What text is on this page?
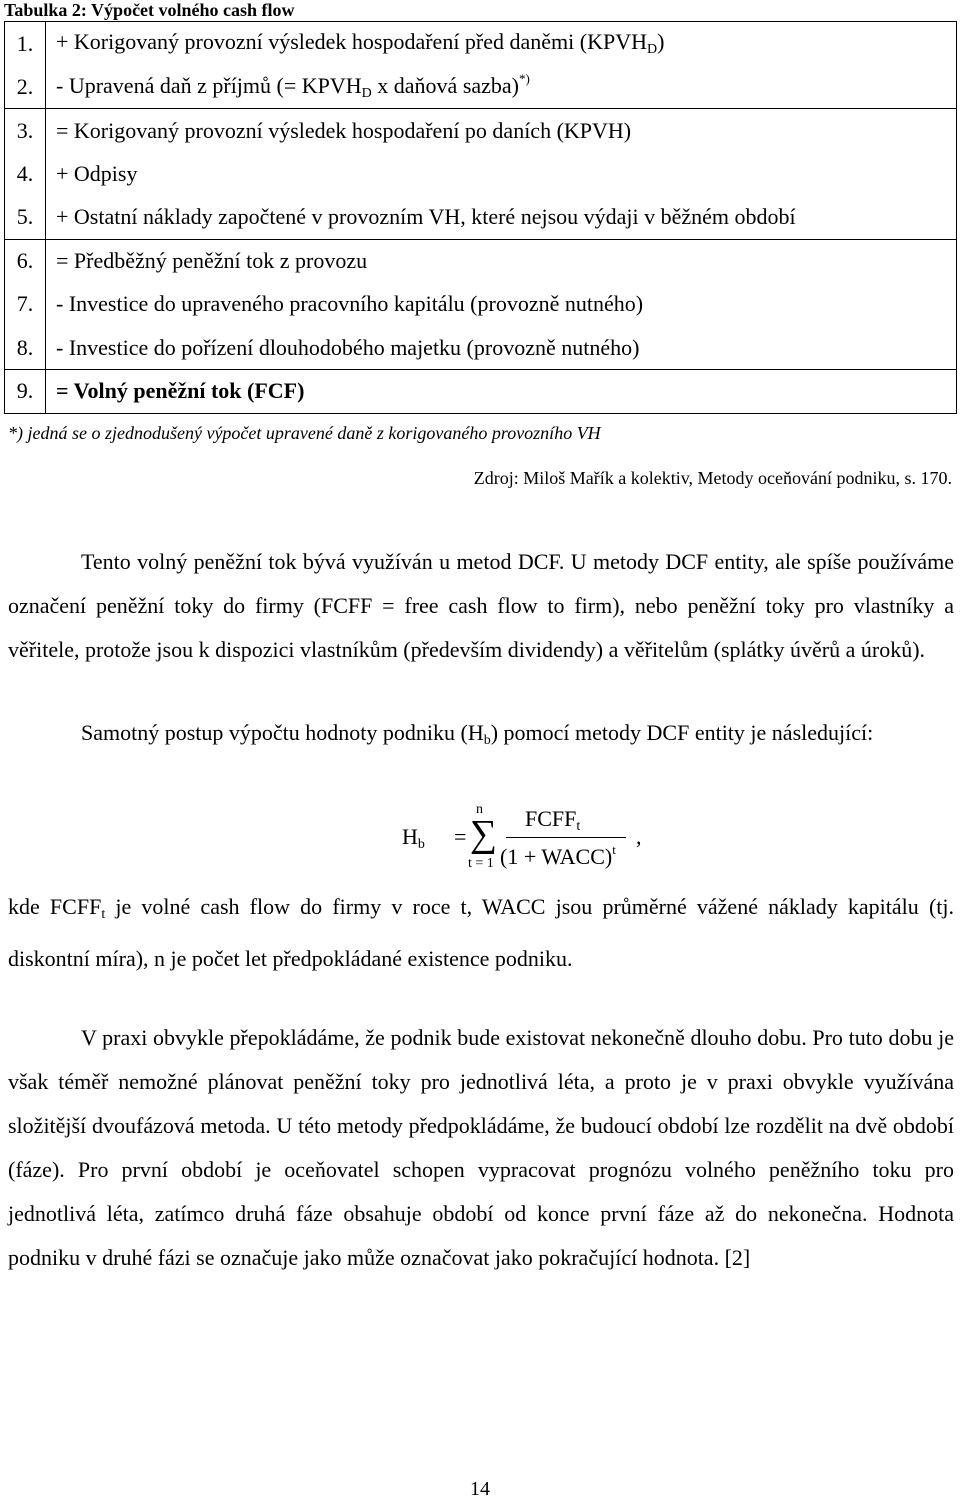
Tabulka 2: Výpočet volného cash flow
1.	+ Korigovaný provozní výsledek hospodaření před daněmi $(KPVH_D)$
2.	- Upravená daň z příjmů (= $KPVH_D$ x daňová sazba)*)
3.	= Korigovaný provozní výsledek hospodaření po daních (KPVH)
4.	+ Odpisy
5.	+ Ostatní náklady započtené v provozním VH, které nejsou výdaji v běžném období
6.	= Předběžný peněžní tok z provozu
7.	- Investice do upraveného pracovního kapitálu (provozně nutného)
8.	- Investice do pořízení dlouhodobého majetku (provozně nutného)
9.	= Volný peněžní tok (FCF)
*) jedná se o zjednodušený výpočet upravené daně z korigovaného provozního VH
Zdroj: Miloš Mařík a kolektiv, Metody oceňování podniku, s. 170.

Tento volný peněžní tok bývá využíván u metod DCF. U metody DCF entity, ale spíše používáme označení peněžní toky do firmy (FCFF = free cash flow to firm), nebo peněžní toky pro vlastníky a věřitele, protože jsou k dispozici vlastníkům (především dividendy) a věřitelům (splátky úvěrů a úroků).

Samotný postup výpočtu hodnoty podniku $(H_b)$ pomocí metody DCF entity je následující:

$H_b$ =
n
∑
t = 1
$FCFF_t$
(1 + WACC)$^t$
,

kde $FCFF_t$ je volné cash flow do firmy v roce t, WACC jsou průměrné vážené náklady kapitálu (tj. diskontní míra), n je počet let předpokládané existence podniku.

V praxi obvykle přepokládáme, že podnik bude existovat nekonečně dlouho dobu. Pro tuto dobu je však téměř nemožné plánovat peněžní toky pro jednotlivá léta, a proto je v praxi obvykle využívána složitější dvoufázová metoda. U této metody předpokládáme, že budoucí období lze rozdělit na dvě období (fáze). Pro první období je oceňovatel schopen vypracovat prognózu volného peněžního toku pro jednotlivá léta, zatímco druhá fáze obsahuje období od konce první fáze až do nekonečna. Hodnota podniku v druhé fázi se označuje jako může označovat jako pokračující hodnota. [2]

14
